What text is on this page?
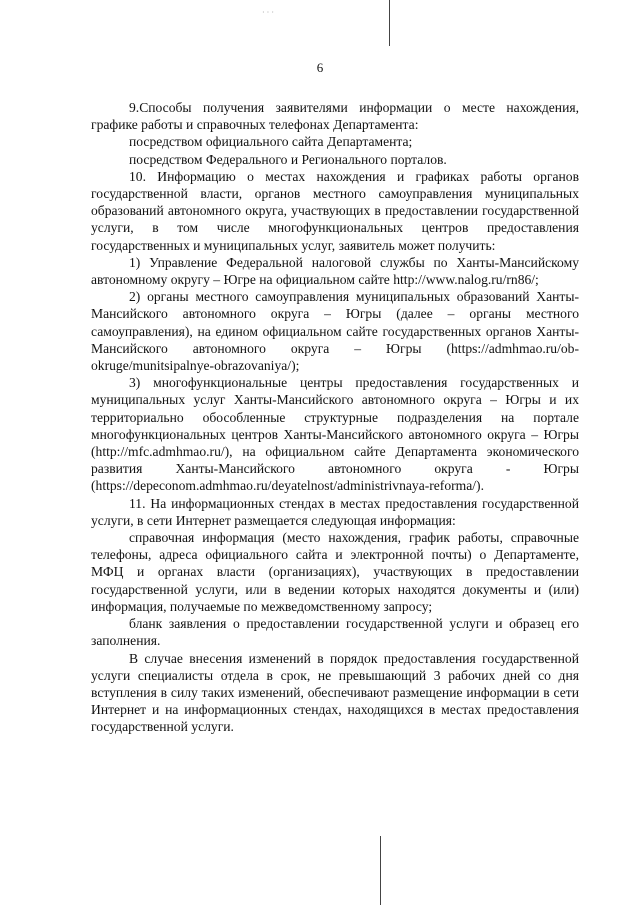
· · ·
6

9.Способы получения заявителями информации о месте нахождения, графике работы и справочных телефонах Департамента:

посредством официального сайта Департамента;

посредством Федерального и Регионального порталов.

10. Информацию о местах нахождения и графиках работы органов государственной власти, органов местного самоуправления муниципальных образований автономного округа, участвующих в предоставлении государственной услуги, в том числе многофункциональных центров предоставления государственных и муниципальных услуг, заявитель может получить:

1) Управление Федеральной налоговой службы по Ханты-Мансийскому автономному округу – Югре на официальном сайте http://www.nalog.ru/rn86/;

2) органы местного самоуправления муниципальных образований Ханты-Мансийского автономного округа – Югры (далее – органы местного самоуправления), на едином официальном сайте государственных органов Ханты-Мансийского автономного округа – Югры (https://admhmao.ru/ob-okruge/munitsipalnye-obrazovaniya/);

3) многофункциональные центры предоставления государственных и муниципальных услуг Ханты-Мансийского автономного округа – Югры и их территориально обособленные структурные подразделения на портале многофункциональных центров Ханты-Мансийского автономного округа – Югры (http://mfc.admhmao.ru/), на официальном сайте Департамента экономического развития Ханты-Мансийского автономного округа - Югры (https://depeconom.admhmao.ru/deyatelnost/administrivnaya-reforma/).

11. На информационных стендах в местах предоставления государственной услуги, в сети Интернет размещается следующая информация:

справочная информация (место нахождения, график работы, справочные телефоны, адреса официального сайта и электронной почты) о Департаменте, МФЦ и органах власти (организациях), участвующих в предоставлении государственной услуги, или в ведении которых находятся документы и (или) информация, получаемые по межведомственному запросу;

бланк заявления о предоставлении государственной услуги и образец его заполнения.

В случае внесения изменений в порядок предоставления государственной услуги специалисты отдела в срок, не превышающий 3 рабочих дней со дня вступления в силу таких изменений, обеспечивают размещение информации в сети Интернет и на информационных стендах, находящихся в местах предоставления государственной услуги.
